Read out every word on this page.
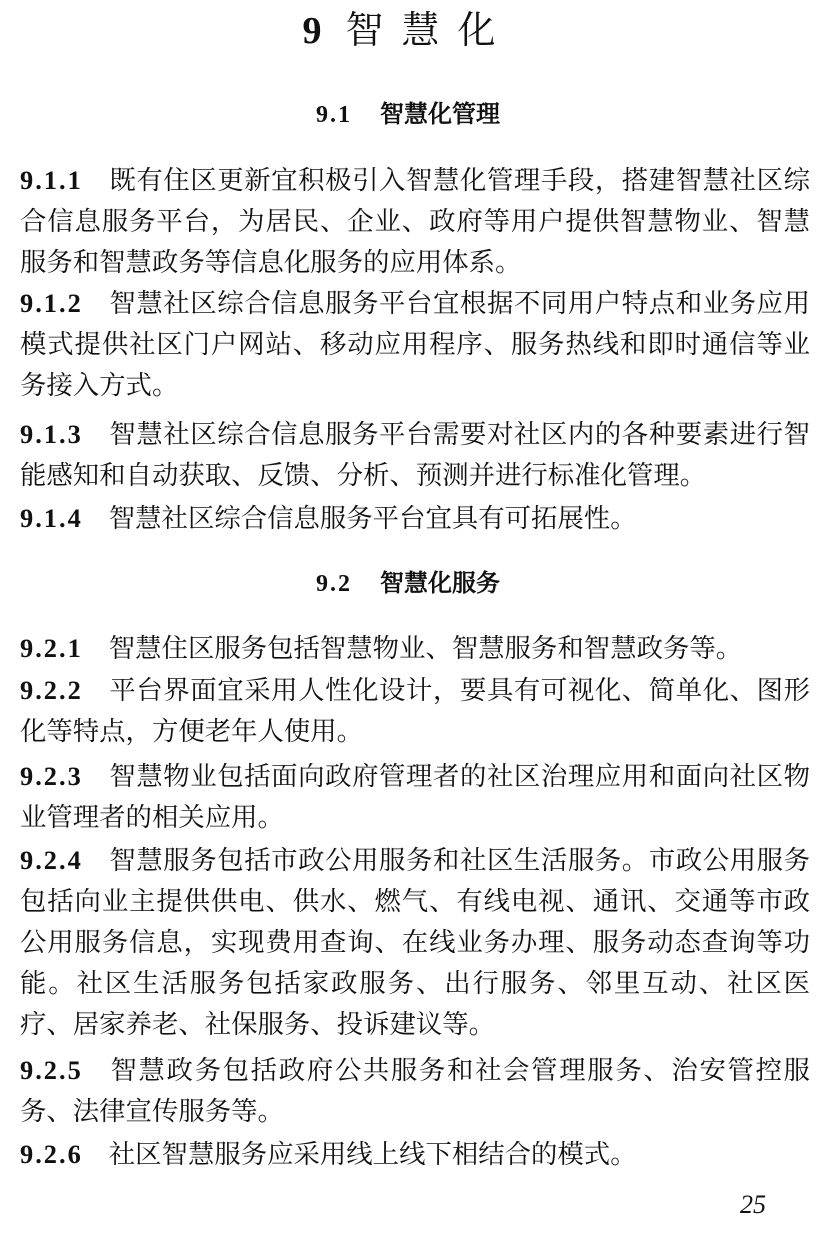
9 智慧化
9.1 智慧化管理
9.1.1 既有住区更新宜积极引入智慧化管理手段，搭建智慧社区综合信息服务平台，为居民、企业、政府等用户提供智慧物业、智慧服务和智慧政务等信息化服务的应用体系。
9.1.2 智慧社区综合信息服务平台宜根据不同用户特点和业务应用模式提供社区门户网站、移动应用程序、服务热线和即时通信等业务接入方式。
9.1.3 智慧社区综合信息服务平台需要对社区内的各种要素进行智能感知和自动获取、反馈、分析、预测并进行标准化管理。
9.1.4 智慧社区综合信息服务平台宜具有可拓展性。
9.2 智慧化服务
9.2.1 智慧住区服务包括智慧物业、智慧服务和智慧政务等。
9.2.2 平台界面宜采用人性化设计，要具有可视化、简单化、图形化等特点，方便老年人使用。
9.2.3 智慧物业包括面向政府管理者的社区治理应用和面向社区物业管理者的相关应用。
9.2.4 智慧服务包括市政公用服务和社区生活服务。市政公用服务包括向业主提供供电、供水、燃气、有线电视、通讯、交通等市政公用服务信息，实现费用查询、在线业务办理、服务动态查询等功能。社区生活服务包括家政服务、出行服务、邻里互动、社区医疗、居家养老、社保服务、投诉建议等。
9.2.5 智慧政务包括政府公共服务和社会管理服务、治安管控服务、法律宣传服务等。
9.2.6 社区智慧服务应采用线上线下相结合的模式。
25
